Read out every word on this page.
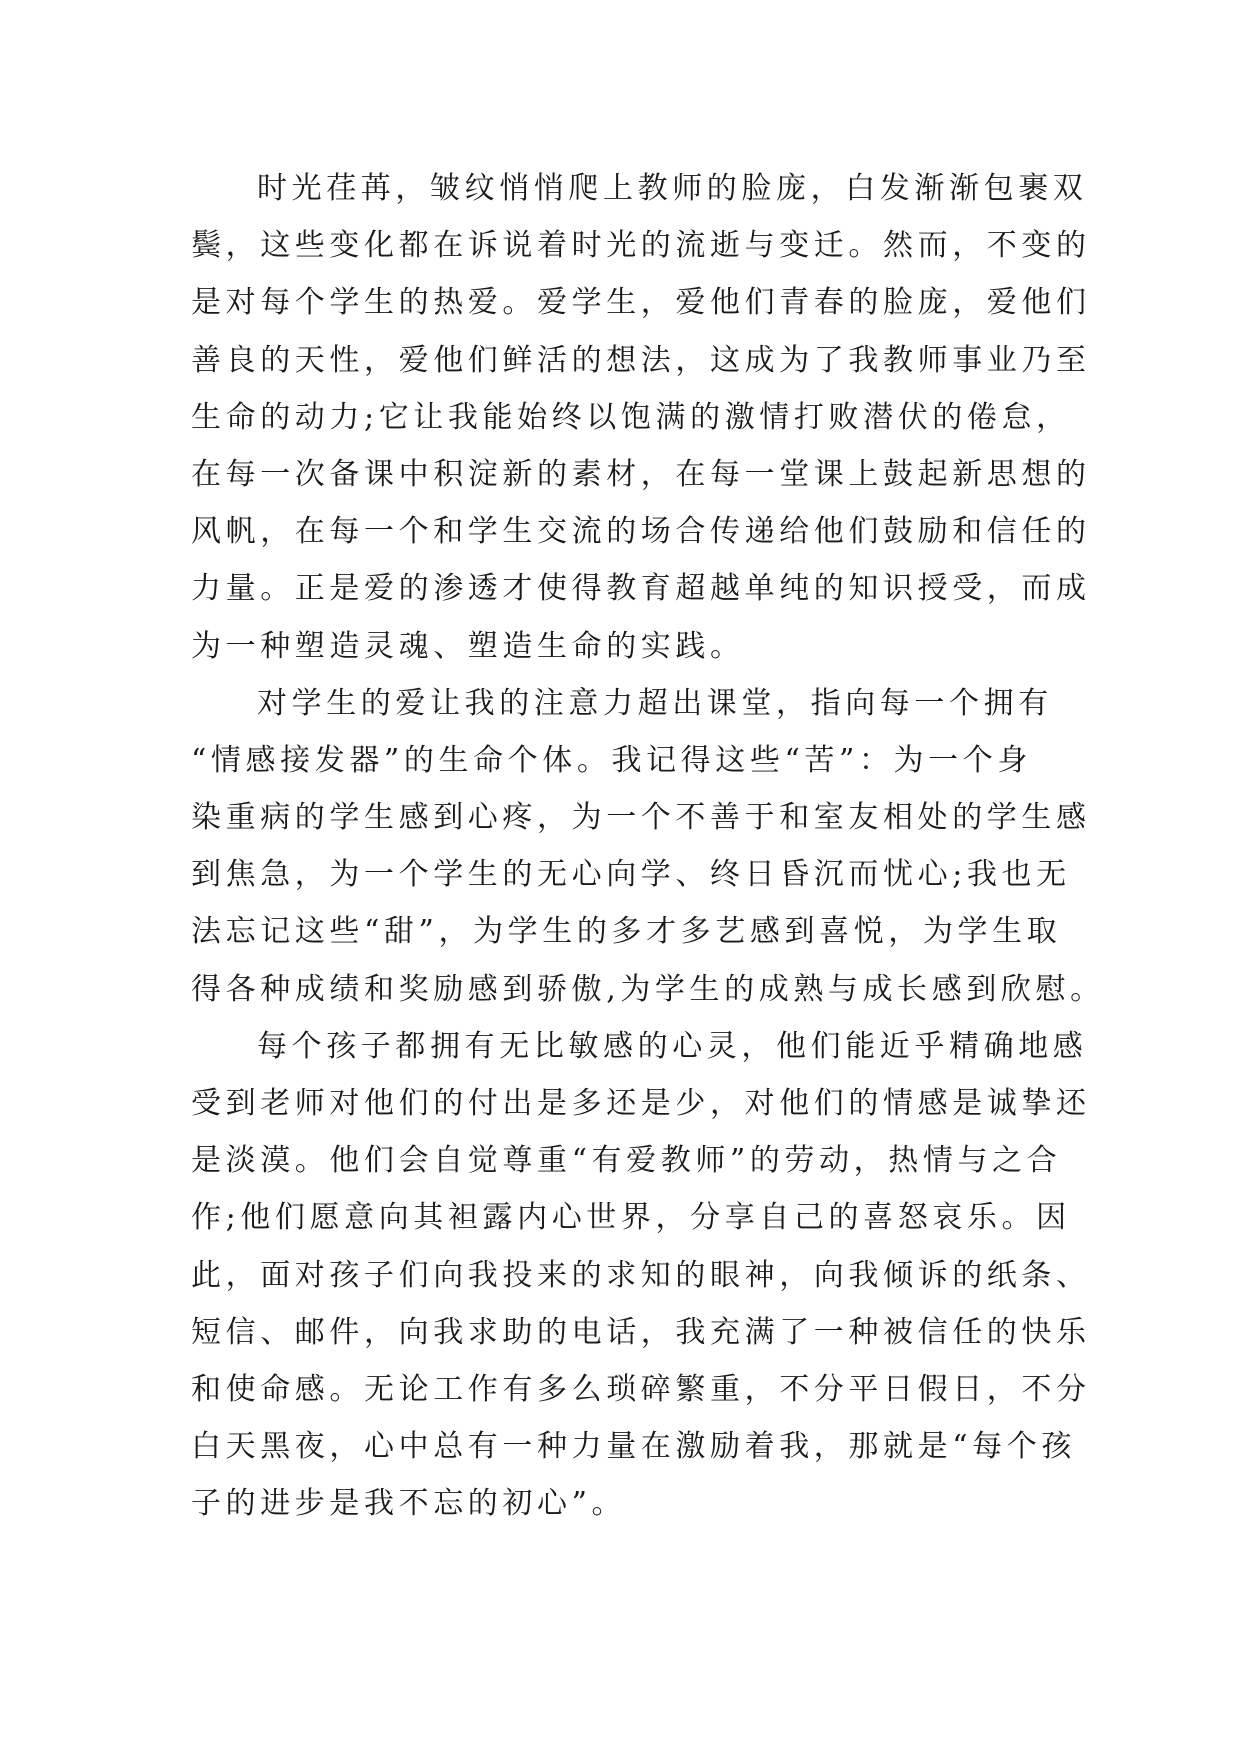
时光荏苒，皱纹悄悄爬上教师的脸庞，白发渐渐包裹双
鬓，这些变化都在诉说着时光的流逝与变迁。然而，不变的
是对每个学生的热爱。爱学生，爱他们青春的脸庞，爱他们
善良的天性，爱他们鲜活的想法，这成为了我教师事业乃至
生命的动力;它让我能始终以饱满的激情打败潜伏的倦怠，
在每一次备课中积淀新的素材，在每一堂课上鼓起新思想的
风帆，在每一个和学生交流的场合传递给他们鼓励和信任的
力量。正是爱的渗透才使得教育超越单纯的知识授受，而成
为一种塑造灵魂、塑造生命的实践。
对学生的爱让我的注意力超出课堂，指向每一个拥有
“情感接发器”的生命个体。我记得这些“苦”：为一个身
染重病的学生感到心疼，为一个不善于和室友相处的学生感
到焦急，为一个学生的无心向学、终日昏沉而忧心;我也无
法忘记这些“甜”，为学生的多才多艺感到喜悦，为学生取
得各种成绩和奖励感到骄傲,为学生的成熟与成长感到欣慰。
每个孩子都拥有无比敏感的心灵，他们能近乎精确地感
受到老师对他们的付出是多还是少，对他们的情感是诚挚还
是淡漠。他们会自觉尊重“有爱教师”的劳动，热情与之合
作;他们愿意向其袒露内心世界，分享自己的喜怒哀乐。因
此，面对孩子们向我投来的求知的眼神，向我倾诉的纸条、
短信、邮件，向我求助的电话，我充满了一种被信任的快乐
和使命感。无论工作有多么琐碎繁重，不分平日假日，不分
白天黑夜，心中总有一种力量在激励着我，那就是“每个孩
子的进步是我不忘的初心”。
